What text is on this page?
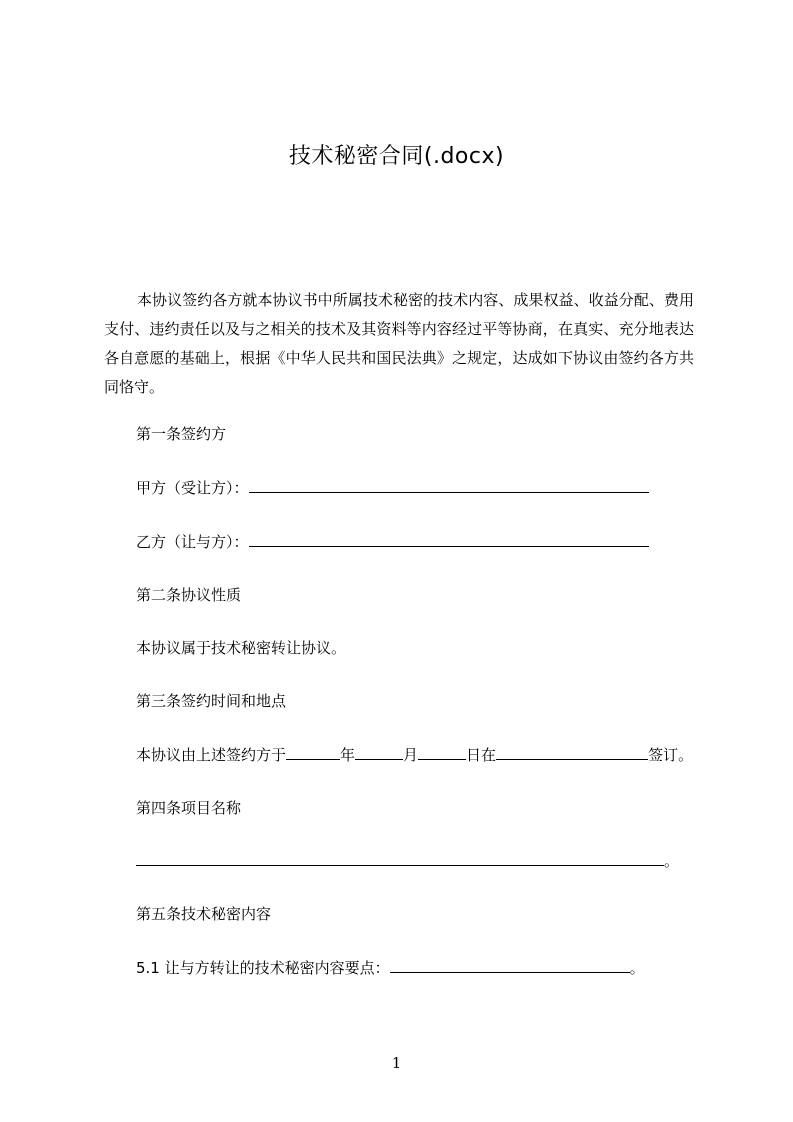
技术秘密合同(.docx)
本协议签约各方就本协议书中所属技术秘密的技术内容、成果权益、收益分配、费用支付、违约责任以及与之相关的技术及其资料等内容经过平等协商，在真实、充分地表达各自意愿的基础上，根据《中华人民共和国民法典》之规定，达成如下协议由签约各方共同恪守。
第一条签约方
甲方（受让方）：
乙方（让与方）：
第二条协议性质
本协议属于技术秘密转让协议。
第三条签约时间和地点
本协议由上述签约方于	年	月	日在	签订。
第四条项目名称
。
第五条技术秘密内容
5.1 让与方转让的技术秘密内容要点：	。
1
